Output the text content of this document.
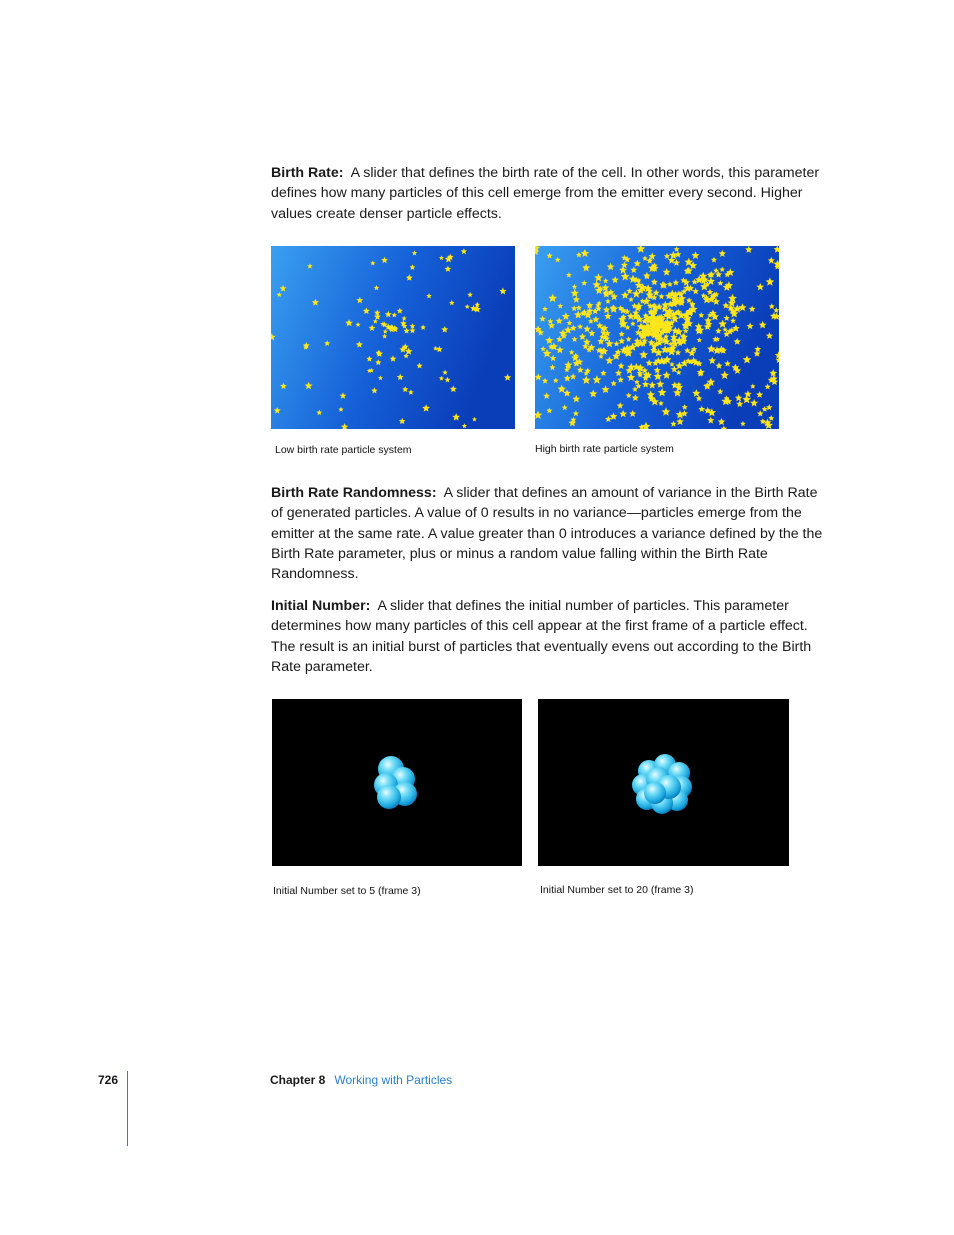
Birth Rate: A slider that defines the birth rate of the cell. In other words, this parameter defines how many particles of this cell emerge from the emitter every second. Higher values create denser particle effects.

Low birth rate particle system	High birth rate particle system

Birth Rate Randomness: A slider that defines an amount of variance in the Birth Rate of generated particles. A value of 0 results in no variance—particles emerge from the emitter at the same rate. A value greater than 0 introduces a variance defined by the the Birth Rate parameter, plus or minus a random value falling within the Birth Rate Randomness.

Initial Number: A slider that defines the initial number of particles. This parameter determines how many particles of this cell appear at the first frame of a particle effect. The result is an initial burst of particles that eventually evens out according to the Birth Rate parameter.

Initial Number set to 5 (frame 3)	Initial Number set to 20 (frame 3)

726	Chapter 8 Working with Particles
